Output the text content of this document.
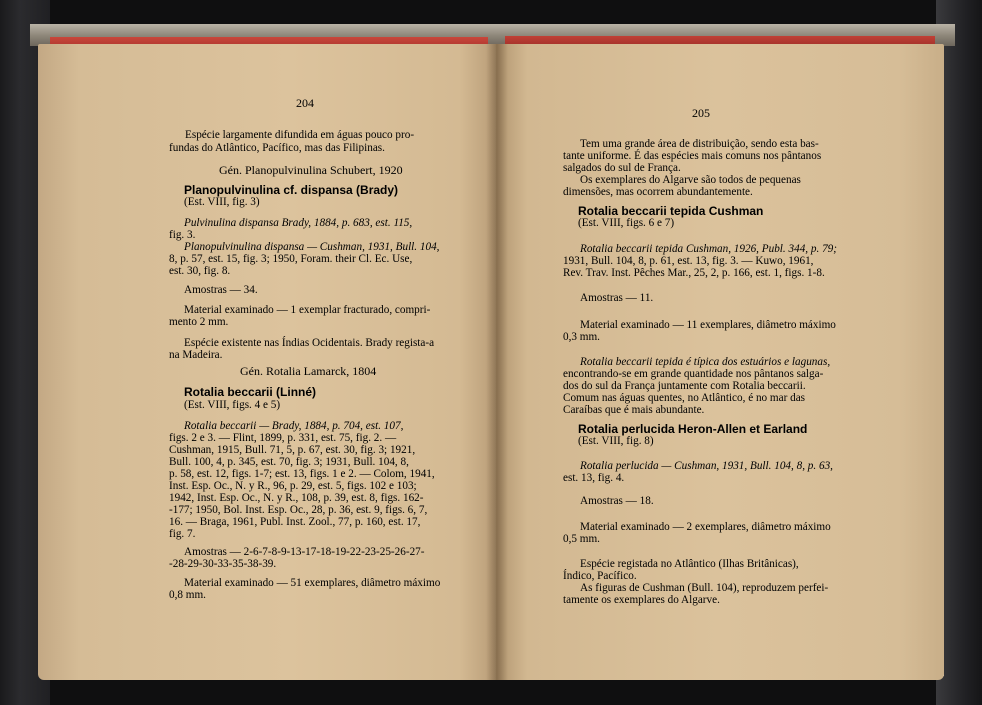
204
Espécie largamente difundida em águas pouco pro-
fundas do Atlântico, Pacífico, mas das Filipinas.
Gén. Planopulvinulina Schubert, 1920
Planopulvinulina cf. dispansa (Brady)
(Est. VIII, fig. 3)
Pulvinulina dispansa Brady, 1884, p. 683, est. 115,
fig. 3.
Planopulvinulina dispansa — Cushman, 1931, Bull. 104,
8, p. 57, est. 15, fig. 3; 1950, Foram. their Cl. Ec. Use,
est. 30, fig. 8.
Amostras — 34.
Material examinado — 1 exemplar fracturado, compri-
mento 2 mm.
Espécie existente nas Índias Ocidentais. Brady regista-a
na Madeira.
Gén. Rotalia Lamarck, 1804
Rotalia beccarii (Linné)
(Est. VIII, figs. 4 e 5)
Rotalia beccarii — Brady, 1884, p. 704, est. 107,
figs. 2 e 3. — Flint, 1899, p. 331, est. 75, fig. 2. —
Cushman, 1915, Bull. 71, 5, p. 67, est. 30, fig. 3; 1921,
Bull. 100, 4, p. 345, est. 70, fig. 3; 1931, Bull. 104, 8,
p. 58, est. 12, figs. 1-7; est. 13, figs. 1 e 2. — Colom, 1941,
Inst. Esp. Oc., N. y R., 96, p. 29, est. 5, figs. 102 e 103;
1942, Inst. Esp. Oc., N. y R., 108, p. 39, est. 8, figs. 162-
-177; 1950, Bol. Inst. Esp. Oc., 28, p. 36, est. 9, figs. 6, 7,
16. — Braga, 1961, Publ. Inst. Zool., 77, p. 160, est. 17,
fig. 7.
Amostras — 2-6-7-8-9-13-17-18-19-22-23-25-26-27-
-28-29-30-33-35-38-39.
Material examinado — 51 exemplares, diâmetro máximo
0,8 mm.
205
Tem uma grande área de distribuição, sendo esta bas-
tante uniforme. É das espécies mais comuns nos pântanos
salgados do sul de França.
Os exemplares do Algarve são todos de pequenas
dimensões, mas ocorrem abundantemente.
Rotalia beccarii tepida Cushman
(Est. VIII, figs. 6 e 7)
Rotalia beccarii tepida Cushman, 1926, Publ. 344, p. 79;
1931, Bull. 104, 8, p. 61, est. 13, fig. 3. — Kuwo, 1961,
Rev. Trav. Inst. Pêches Mar., 25, 2, p. 166, est. 1, figs. 1-8.
Amostras — 11.
Material examinado — 11 exemplares, diâmetro máximo
0,3 mm.
Rotalia beccarii tepida é típica dos estuários e lagunas,
encontrando-se em grande quantidade nos pântanos salga-
dos do sul da França juntamente com Rotalia beccarii.
Comum nas águas quentes, no Atlântico, é no mar das
Caraíbas que é mais abundante.
Rotalia perlucida Heron-Allen et Earland
(Est. VIII, fig. 8)
Rotalia perlucida — Cushman, 1931, Bull. 104, 8, p. 63,
est. 13, fig. 4.
Amostras — 18.
Material examinado — 2 exemplares, diâmetro máximo
0,5 mm.
Espécie registada no Atlântico (Ilhas Britânicas),
Índico, Pacífico.
As figuras de Cushman (Bull. 104), reproduzem perfei-
tamente os exemplares do Algarve.
